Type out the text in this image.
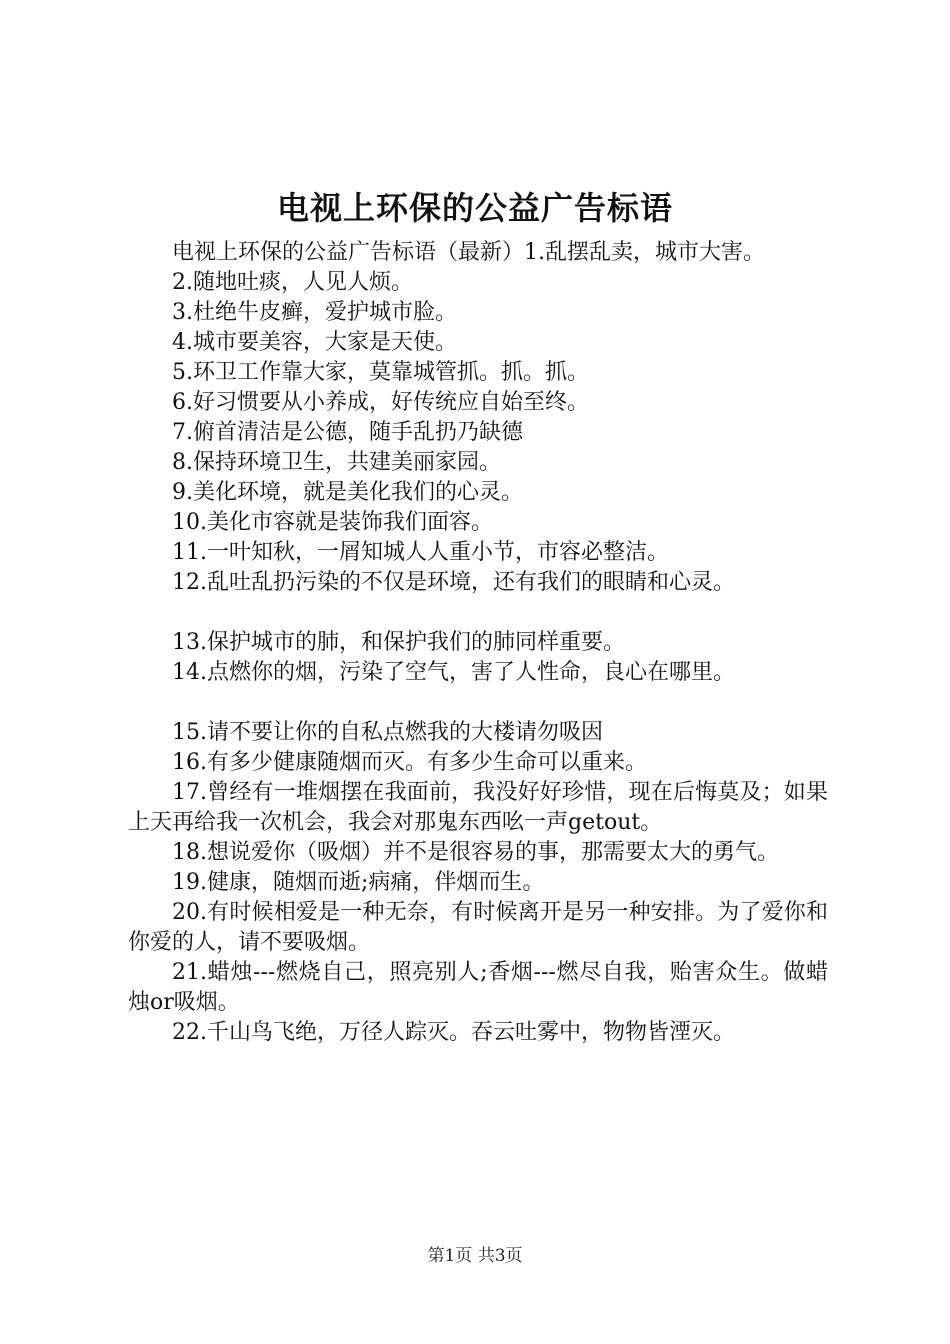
电视上环保的公益广告标语

电视上环保的公益广告标语（最新）1.乱摆乱卖，城市大害。

2.随地吐痰，人见人烦。

3.杜绝牛皮癣，爱护城市脸。

4.城市要美容，大家是天使。

5.环卫工作靠大家，莫靠城管抓。抓。抓。

6.好习惯要从小养成，好传统应自始至终。

7.俯首清洁是公德，随手乱扔乃缺德

8.保持环境卫生，共建美丽家园。

9.美化环境，就是美化我们的心灵。

10.美化市容就是装饰我们面容。

11.一叶知秋，一屑知城人人重小节，市容必整洁。

12.乱吐乱扔污染的不仅是环境，还有我们的眼睛和心灵。

13.保护城市的肺，和保护我们的肺同样重要。

14.点燃你的烟，污染了空气，害了人性命，良心在哪里。

15.请不要让你的自私点燃我的大楼请勿吸因

16.有多少健康随烟而灭。有多少生命可以重来。

17.曾经有一堆烟摆在我面前，我没好好珍惜，现在后悔莫及；如果上天再给我一次机会，我会对那鬼东西吆一声getout。

18.想说爱你（吸烟）并不是很容易的事，那需要太大的勇气。

19.健康，随烟而逝;病痛，伴烟而生。

20.有时候相爱是一种无奈，有时候离开是另一种安排。为了爱你和你爱的人，请不要吸烟。

21.蜡烛---燃烧自己，照亮别人;香烟---燃尽自我，贻害众生。做蜡烛or吸烟。

22.千山鸟飞绝，万径人踪灭。吞云吐雾中，物物皆湮灭。

第1页 共3页
